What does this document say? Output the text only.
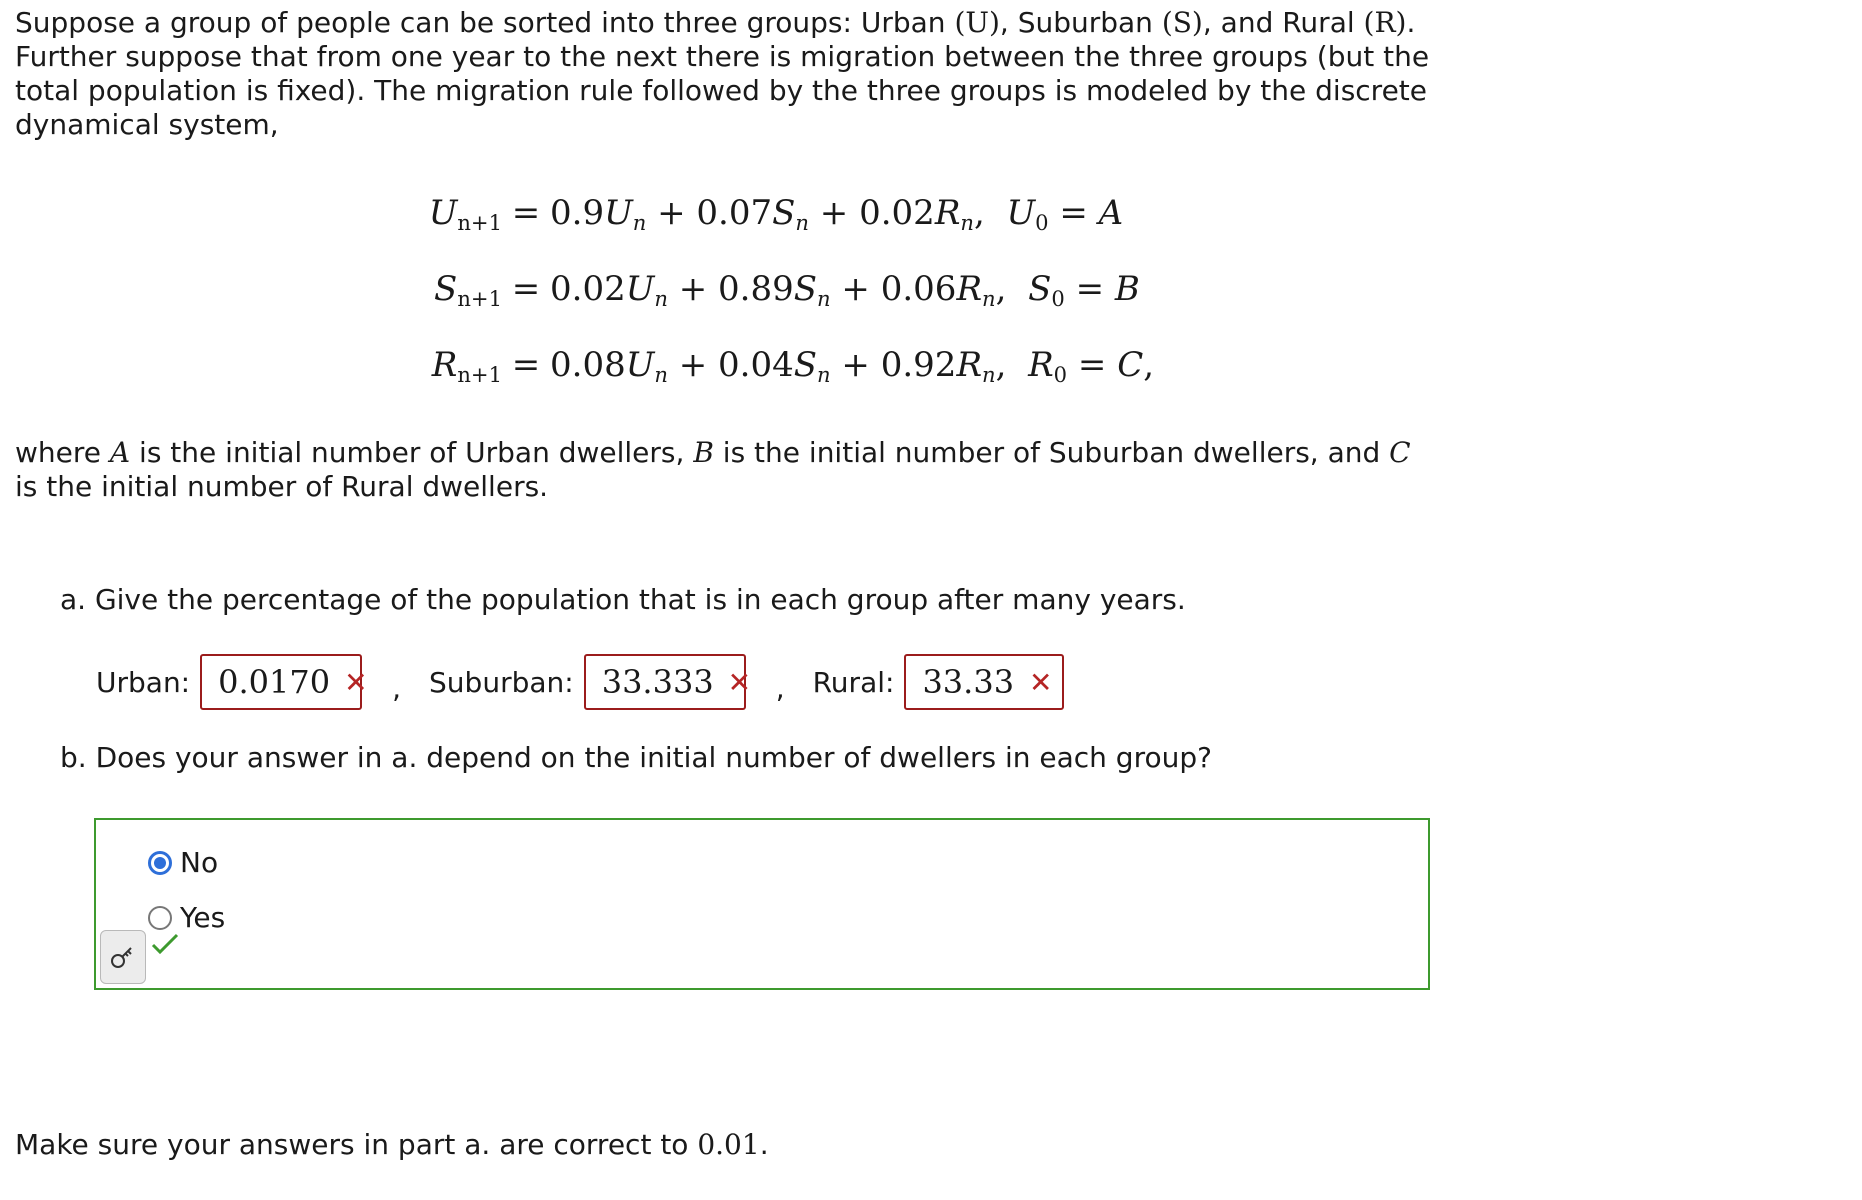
Suppose a group of people can be sorted into three groups: Urban (U), Suburban (S), and Rural (R). Further suppose that from one year to the next there is migration between the three groups (but the total population is fixed). The migration rule followed by the three groups is modeled by the discrete dynamical system,
$U_{n+1} = 0.9U_n + 0.07S_n + 0.02R_n$, $U_0 = A$
$S_{n+1} = 0.02U_n + 0.89S_n + 0.06R_n$, $S_0 = B$
$R_{n+1} = 0.08U_n + 0.04S_n + 0.92R_n$, $R_0 = C$,
where A is the initial number of Urban dwellers, B is the initial number of Suburban dwellers, and C is the initial number of Rural dwellers.
a. Give the percentage of the population that is in each group after many years.
Urban: 0.0170 ✕ , Suburban: 33.333 ✕ , Rural: 33.33 ✕
b. Does your answer in a. depend on the initial number of dwellers in each group?
No
Yes
Make sure your answers in part a. are correct to 0.01.
